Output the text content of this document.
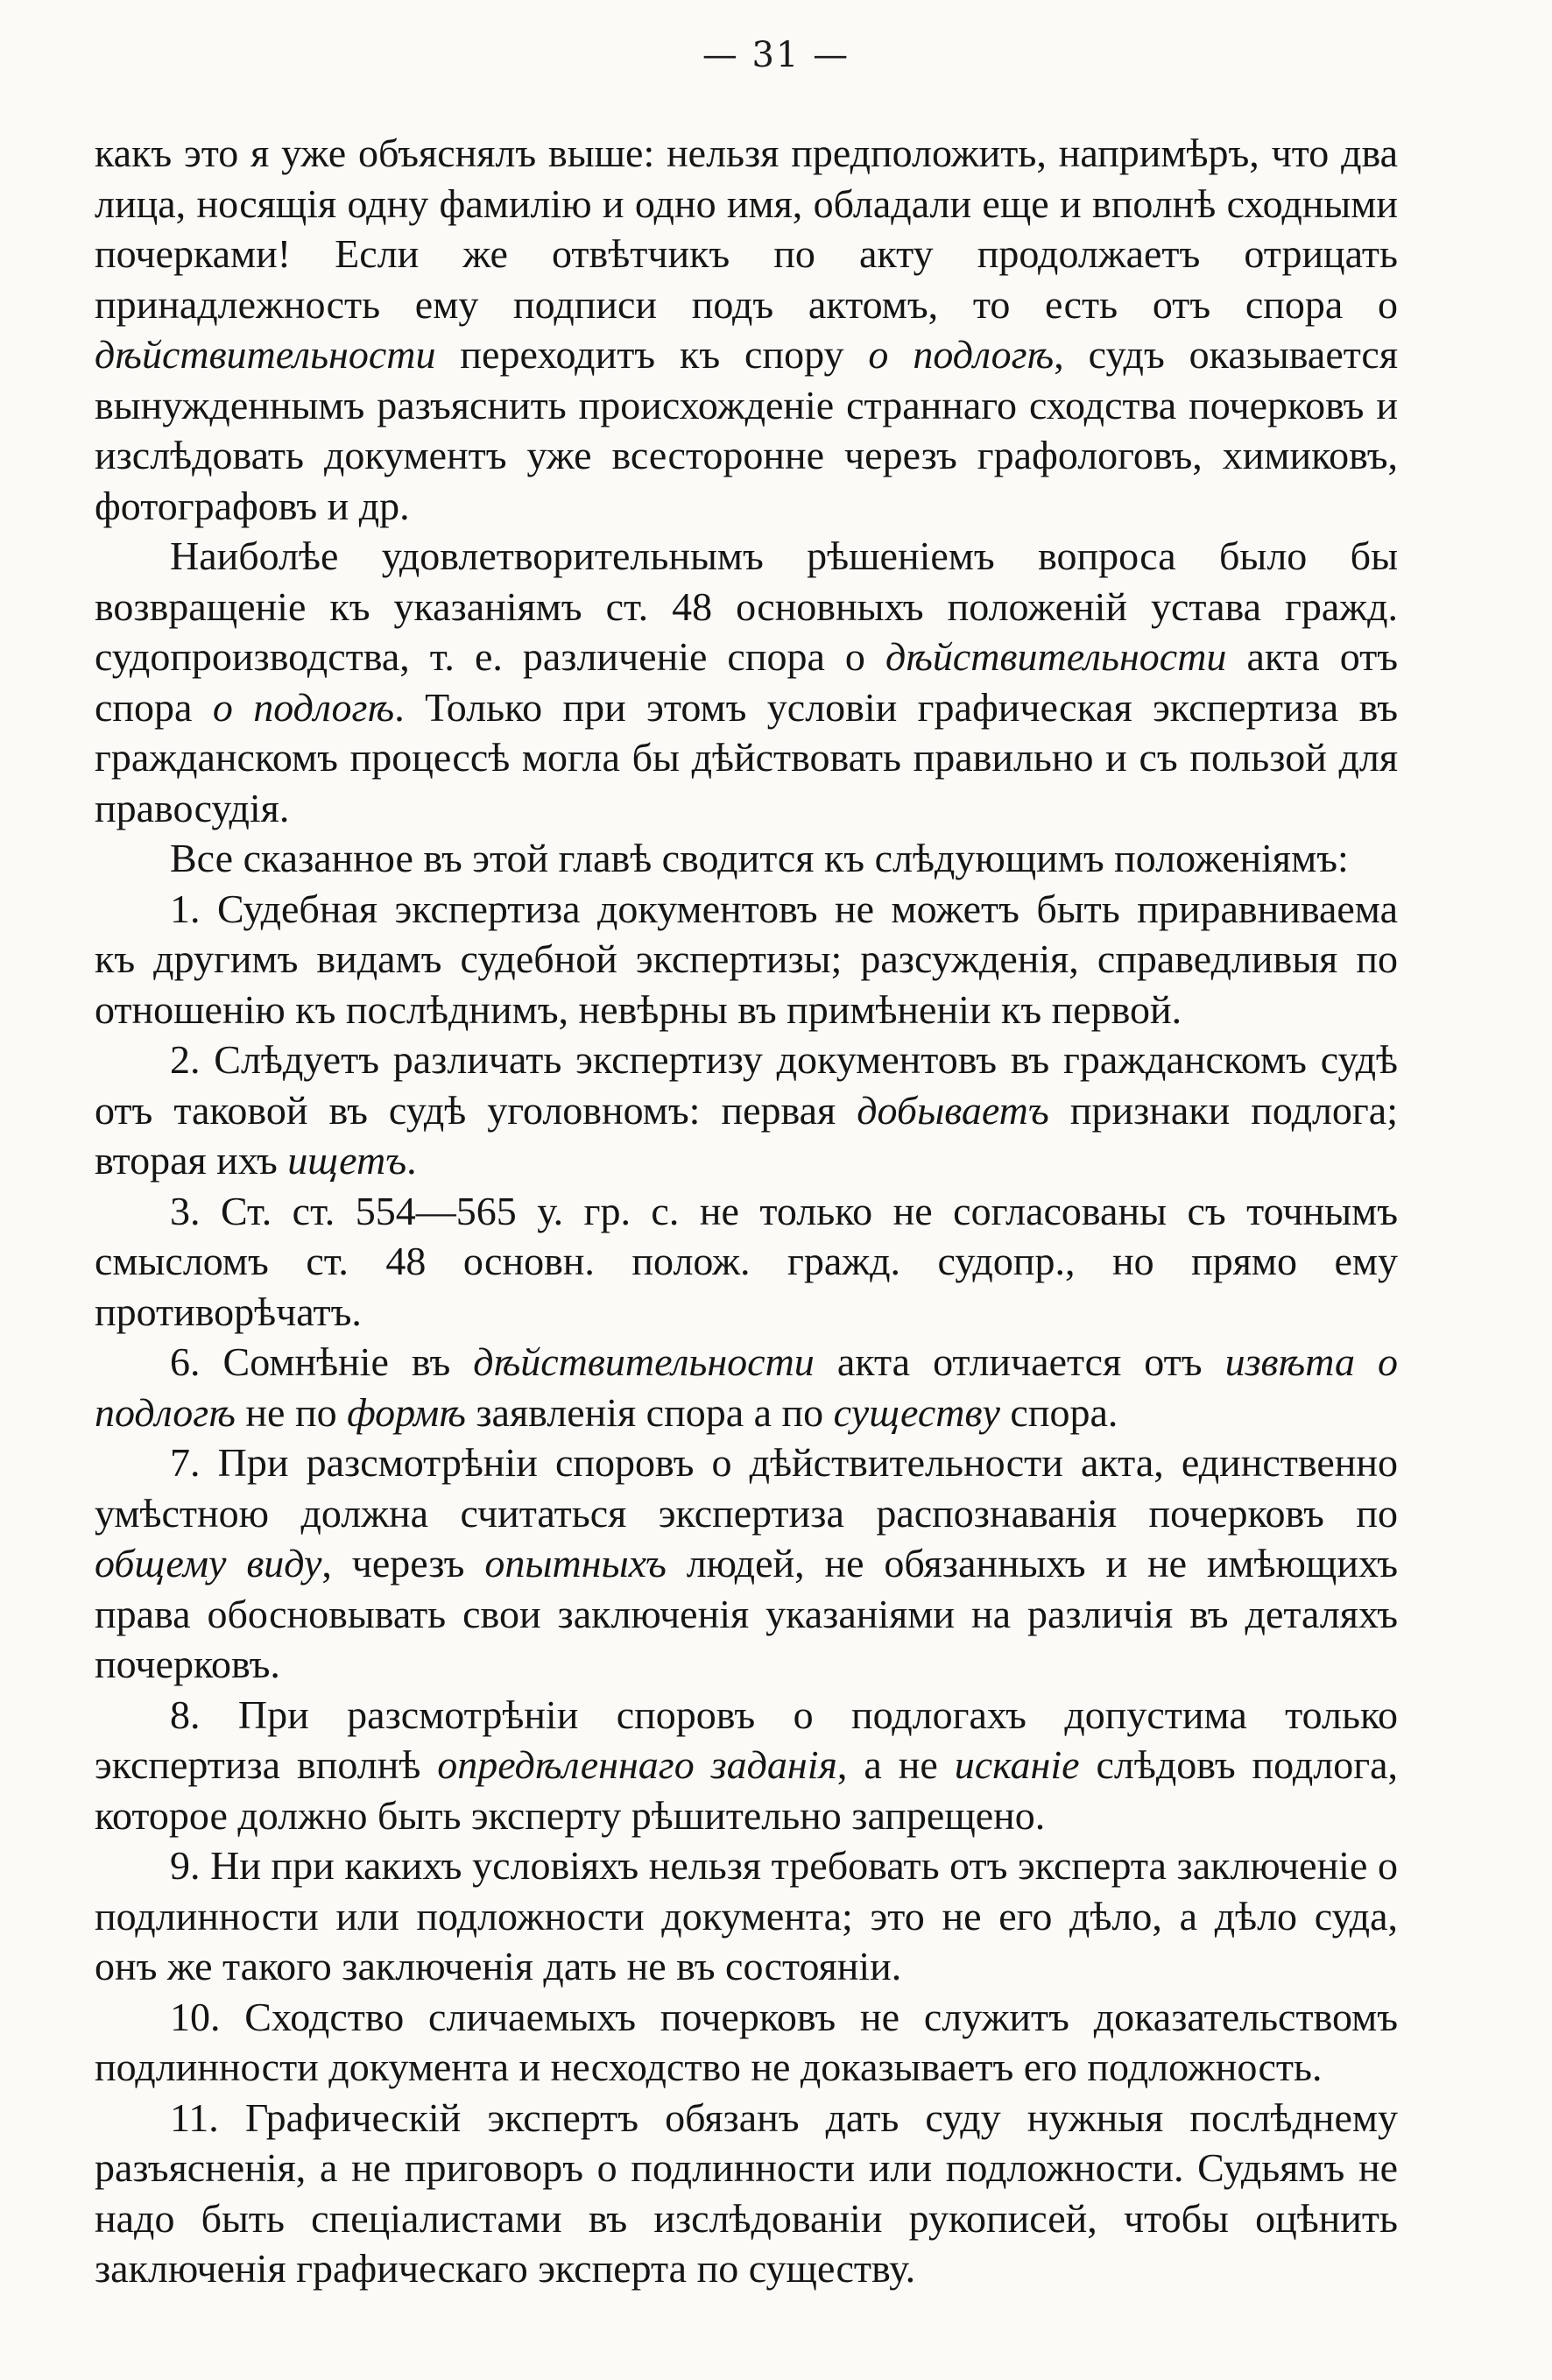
— 31 —

какъ это я уже объяснялъ выше: нельзя предположить, напримѣръ, что два лица, носящія одну фамилію и одно имя, обладали еще и вполнѣ сходными почерками! Если же отвѣтчикъ по акту продолжаетъ отрицать принадлежность ему подписи подъ актомъ, то есть отъ спора о дѣйствительности переходитъ къ спору о подлогѣ, судъ оказывается вынужденнымъ разъяснить происхожденіе страннаго сходства почерковъ и изслѣдовать документъ уже всесторонне черезъ графологовъ, химиковъ, фотографовъ и др.

Наиболѣе удовлетворительнымъ рѣшеніемъ вопроса было бы возвращеніе къ указаніямъ ст. 48 основныхъ положеній устава гражд. судопроизводства, т. е. различеніе спора о дѣйствительности акта отъ спора о подлогѣ. Только при этомъ условіи графическая экспертиза въ гражданскомъ процессѣ могла бы дѣйствовать правильно и съ пользой для правосудія.

Все сказанное въ этой главѣ сводится къ слѣдующимъ положеніямъ:

1. Судебная экспертиза документовъ не можетъ быть приравниваема къ другимъ видамъ судебной экспертизы; разсужденія, справедливыя по отношенію къ послѣднимъ, невѣрны въ примѣненіи къ первой.

2. Слѣдуетъ различать экспертизу документовъ въ гражданскомъ судѣ отъ таковой въ судѣ уголовномъ: первая добываетъ признаки подлога; вторая ихъ ищетъ.

3. Ст. ст. 554—565 у. гр. с. не только не согласованы съ точнымъ смысломъ ст. 48 основн. полож. гражд. судопр., но прямо ему противорѣчатъ.

6. Сомнѣніе въ дѣйствительности акта отличается отъ извѣта о подлогѣ не по формѣ заявленія спора а по существу спора.

7. При разсмотрѣніи споровъ о дѣйствительности акта, единственно умѣстною должна считаться экспертиза распознаванія почерковъ по общему виду, черезъ опытныхъ людей, не обязанныхъ и не имѣющихъ права обосновывать свои заключенія указаніями на различія въ деталяхъ почерковъ.

8. При разсмотрѣніи споровъ о подлогахъ допустима только экспертиза вполнѣ опредѣленнаго заданія, а не исканіе слѣдовъ подлога, которое должно быть эксперту рѣшительно запрещено.

9. Ни при какихъ условіяхъ нельзя требовать отъ эксперта заключеніе о подлинности или подложности документа; это не его дѣло, а дѣло суда, онъ же такого заключенія дать не въ состояніи.

10. Сходство сличаемыхъ почерковъ не служитъ доказательствомъ подлинности документа и несходство не доказываетъ его подложность.

11. Графическій экспертъ обязанъ дать суду нужныя послѣднему разъясненія, а не приговоръ о подлинности или подложности. Судьямъ не надо быть спеціалистами въ изслѣдованіи рукописей, чтобы оцѣнить заключенія графическаго эксперта по существу.
